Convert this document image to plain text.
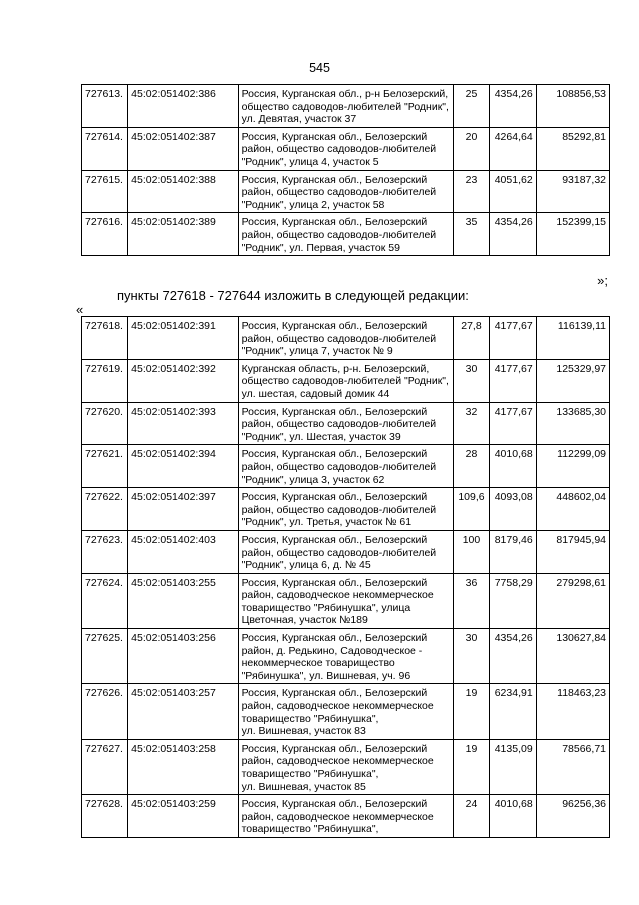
545
727613.	45:02:051402:386	Россия, Курганская обл., р-н Белозерский, общество садоводов-любителей "Родник", ул. Девятая, участок 37	25	4354,26	108856,53
727614.	45:02:051402:387	Россия, Курганская обл., Белозерский район, общество садоводов-любителей "Родник", улица 4, участок 5	20	4264,64	85292,81
727615.	45:02:051402:388	Россия, Курганская обл., Белозерский район, общество садоводов-любителей "Родник", улица 2, участок 58	23	4051,62	93187,32
727616.	45:02:051402:389	Россия, Курганская обл., Белозерский район, общество садоводов-любителей "Родник", ул. Первая, участок 59	35	4354,26	152399,15
»;
пункты 727618 - 727644 изложить в следующей редакции:
«
727618.	45:02:051402:391	Россия, Курганская обл., Белозерский район, общество садоводов-любителей "Родник", улица 7, участок № 9	27,8	4177,67	116139,11
727619.	45:02:051402:392	Курганская область, р-н. Белозерский, общество садоводов-любителей "Родник", ул. шестая, садовый домик 44	30	4177,67	125329,97
727620.	45:02:051402:393	Россия, Курганская обл., Белозерский район, общество садоводов-любителей "Родник", ул. Шестая, участок 39	32	4177,67	133685,30
727621.	45:02:051402:394	Россия, Курганская обл., Белозерский район, общество садоводов-любителей "Родник", улица 3, участок 62	28	4010,68	112299,09
727622.	45:02:051402:397	Россия, Курганская обл., Белозерский район, общество садоводов-любителей "Родник", ул. Третья, участок № 61	109,6	4093,08	448602,04
727623.	45:02:051402:403	Россия, Курганская обл., Белозерский район, общество садоводов-любителей "Родник", улица 6, д. № 45	100	8179,46	817945,94
727624.	45:02:051403:255	Россия, Курганская обл., Белозерский район, садоводческое некоммерческое товарищество "Рябинушка", улица Цветочная, участок №189	36	7758,29	279298,61
727625.	45:02:051403:256	Россия, Курганская обл., Белозерский район, д. Редькино, Садоводческое - некоммерческое товарищество "Рябинушка", ул. Вишневая, уч. 96	30	4354,26	130627,84
727626.	45:02:051403:257	Россия, Курганская обл., Белозерский район, садоводческое некоммерческое товарищество "Рябинушка",
ул. Вишневая, участок 83	19	6234,91	118463,23
727627.	45:02:051403:258	Россия, Курганская обл., Белозерский район, садоводческое некоммерческое товарищество "Рябинушка",
ул. Вишневая, участок 85	19	4135,09	78566,71
727628.	45:02:051403:259	Россия, Курганская обл., Белозерский район, садоводческое некоммерческое товарищество "Рябинушка",	24	4010,68	96256,36
